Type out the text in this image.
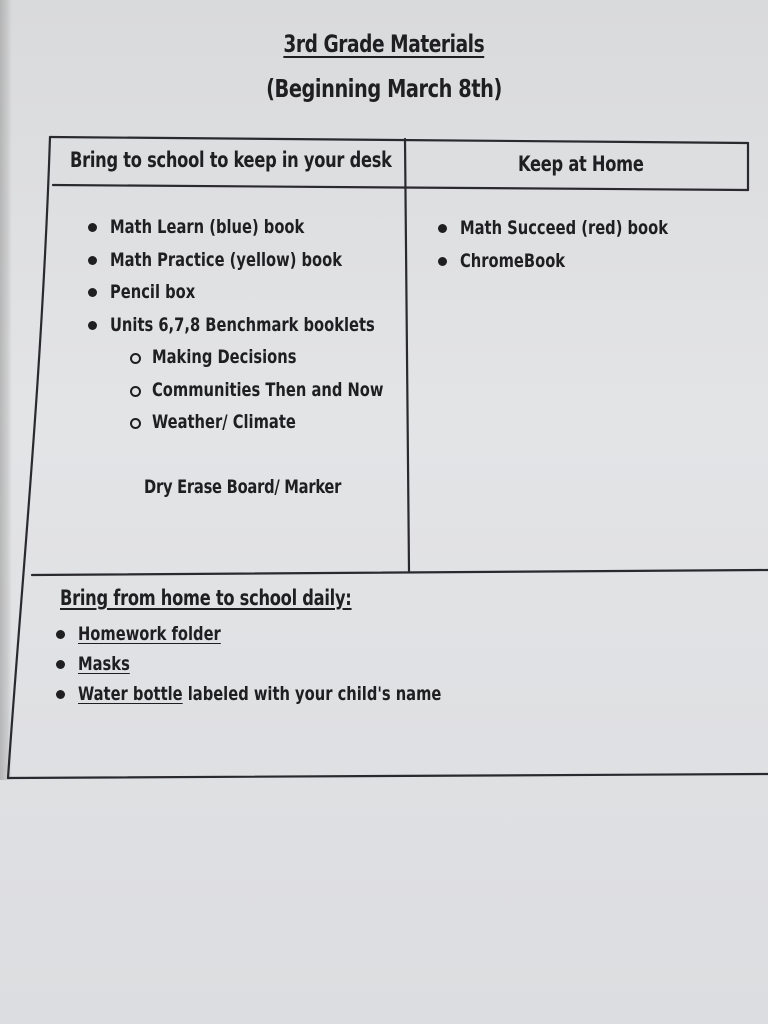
3rd Grade Materials
(Beginning March 8th)
Bring to school to keep in your desk	Keep at Home
Math Learn (blue) book
Math Practice (yellow) book
Pencil box
Units 6,7,8 Benchmark booklets
Making Decisions
Communities Then and Now
Weather/ Climate
Dry Erase Board/ Marker
Math Succeed (red) book
ChromeBook
Bring from home to school daily:
Homework folder
Masks
Water bottle labeled with your child's name
